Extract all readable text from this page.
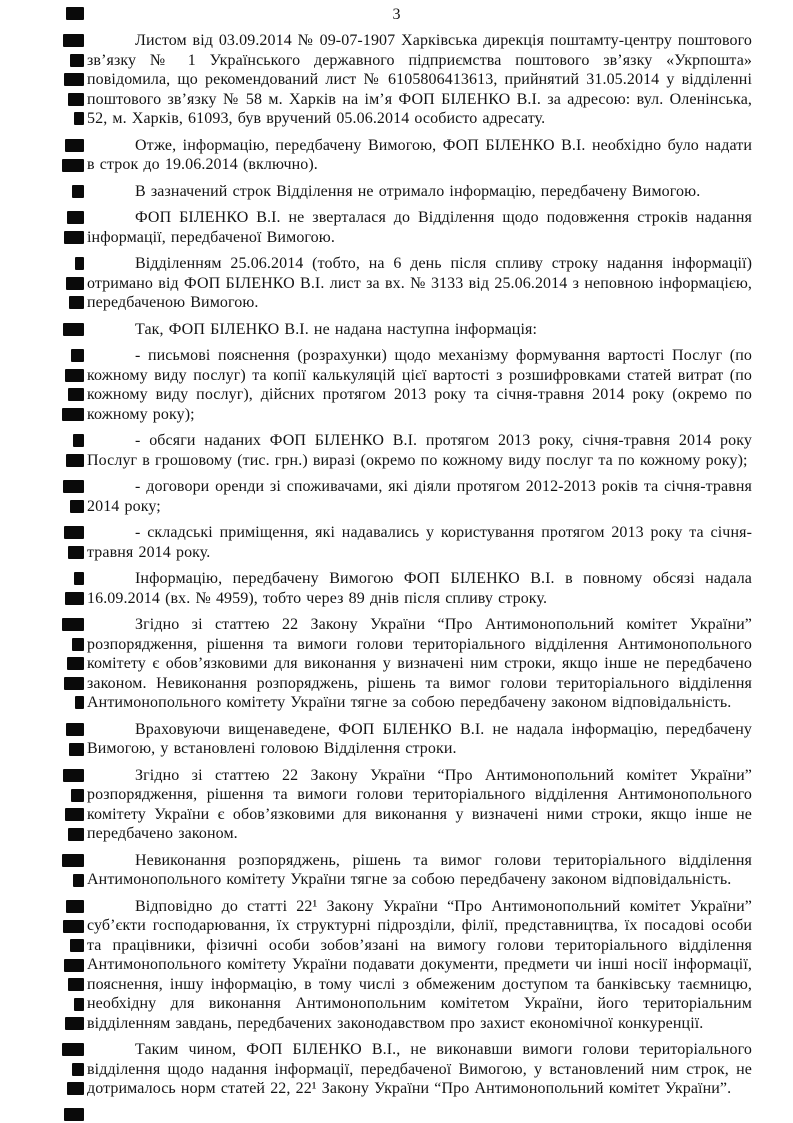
3

Листом від 03.09.2014 № 09-07-1907 Харківська дирекція поштамту-центру поштового зв’язку № 1 Українського державного підприємства поштового зв’язку «Укрпошта» повідомила, що рекомендований лист № 6105806413613, прийнятий 31.05.2014 у відділенні поштового зв’язку № 58 м. Харків на ім’я ФОП БІЛЕНКО В.І. за адресою: вул. Оленінська, 52, м. Харків, 61093, був вручений 05.06.2014 особисто адресату.

Отже, інформацію, передбачену Вимогою, ФОП БІЛЕНКО В.І. необхідно було надати в строк до 19.06.2014 (включно).

В зазначений строк Відділення не отримало інформацію, передбачену Вимогою.

ФОП БІЛЕНКО В.І. не зверталася до Відділення щодо подовження строків надання інформації, передбаченої Вимогою.

Відділенням 25.06.2014 (тобто, на 6 день після спливу строку надання інформації) отримано від ФОП БІЛЕНКО В.І. лист за вх. № 3133 від 25.06.2014 з неповною інформацією, передбаченою Вимогою.

Так, ФОП БІЛЕНКО В.І. не надана наступна інформація:

- письмові пояснення (розрахунки) щодо механізму формування вартості Послуг (по кожному виду послуг) та копії калькуляцій цієї вартості з розшифровками статей витрат (по кожному виду послуг), дійсних протягом 2013 року та січня-травня 2014 року (окремо по кожному року);

- обсяги наданих ФОП БІЛЕНКО В.І. протягом 2013 року, січня-травня 2014 року Послуг в грошовому (тис. грн.) виразі (окремо по кожному виду послуг та по кожному року);

- договори оренди зі споживачами, які діяли протягом 2012-2013 років та січня-травня 2014 року;

- складські приміщення, які надавались у користування протягом 2013 року та січня-травня 2014 року.

Інформацію, передбачену Вимогою ФОП БІЛЕНКО В.І. в повному обсязі надала 16.09.2014 (вх. № 4959), тобто через 89 днів після спливу строку.

Згідно зі статтею 22 Закону України “Про Антимонопольний комітет України” розпорядження, рішення та вимоги голови територіального відділення Антимонопольного комітету є обов’язковими для виконання у визначені ним строки, якщо інше не передбачено законом. Невиконання розпоряджень, рішень та вимог голови територіального відділення Антимонопольного комітету України тягне за собою передбачену законом відповідальність.

Враховуючи вищенаведене, ФОП БІЛЕНКО В.І. не надала інформацію, передбачену Вимогою, у встановлені головою Відділення строки.

Згідно зі статтею 22 Закону України “Про Антимонопольний комітет України” розпорядження, рішення та вимоги голови територіального відділення Антимонопольного комітету України є обов’язковими для виконання у визначені ними строки, якщо інше не передбачено законом.

Невиконання розпоряджень, рішень та вимог голови територіального відділення Антимонопольного комітету України тягне за собою передбачену законом відповідальність.

Відповідно до статті 22¹ Закону України “Про Антимонопольний комітет України” суб’єкти господарювання, їх структурні підрозділи, філії, представництва, їх посадові особи та працівники, фізичні особи зобов’язані на вимогу голови територіального відділення Антимонопольного комітету України подавати документи, предмети чи інші носії інформації, пояснення, іншу інформацію, в тому числі з обмеженим доступом та банківську таємницю, необхідну для виконання Антимонопольним комітетом України, його територіальним відділенням завдань, передбачених законодавством про захист економічної конкуренції.

Таким чином, ФОП БІЛЕНКО В.І., не виконавши вимоги голови територіального відділення щодо надання інформації, передбаченої Вимогою, у встановлений ним строк, не дотрималось норм статей 22, 22¹ Закону України “Про Антимонопольний комітет України”.
